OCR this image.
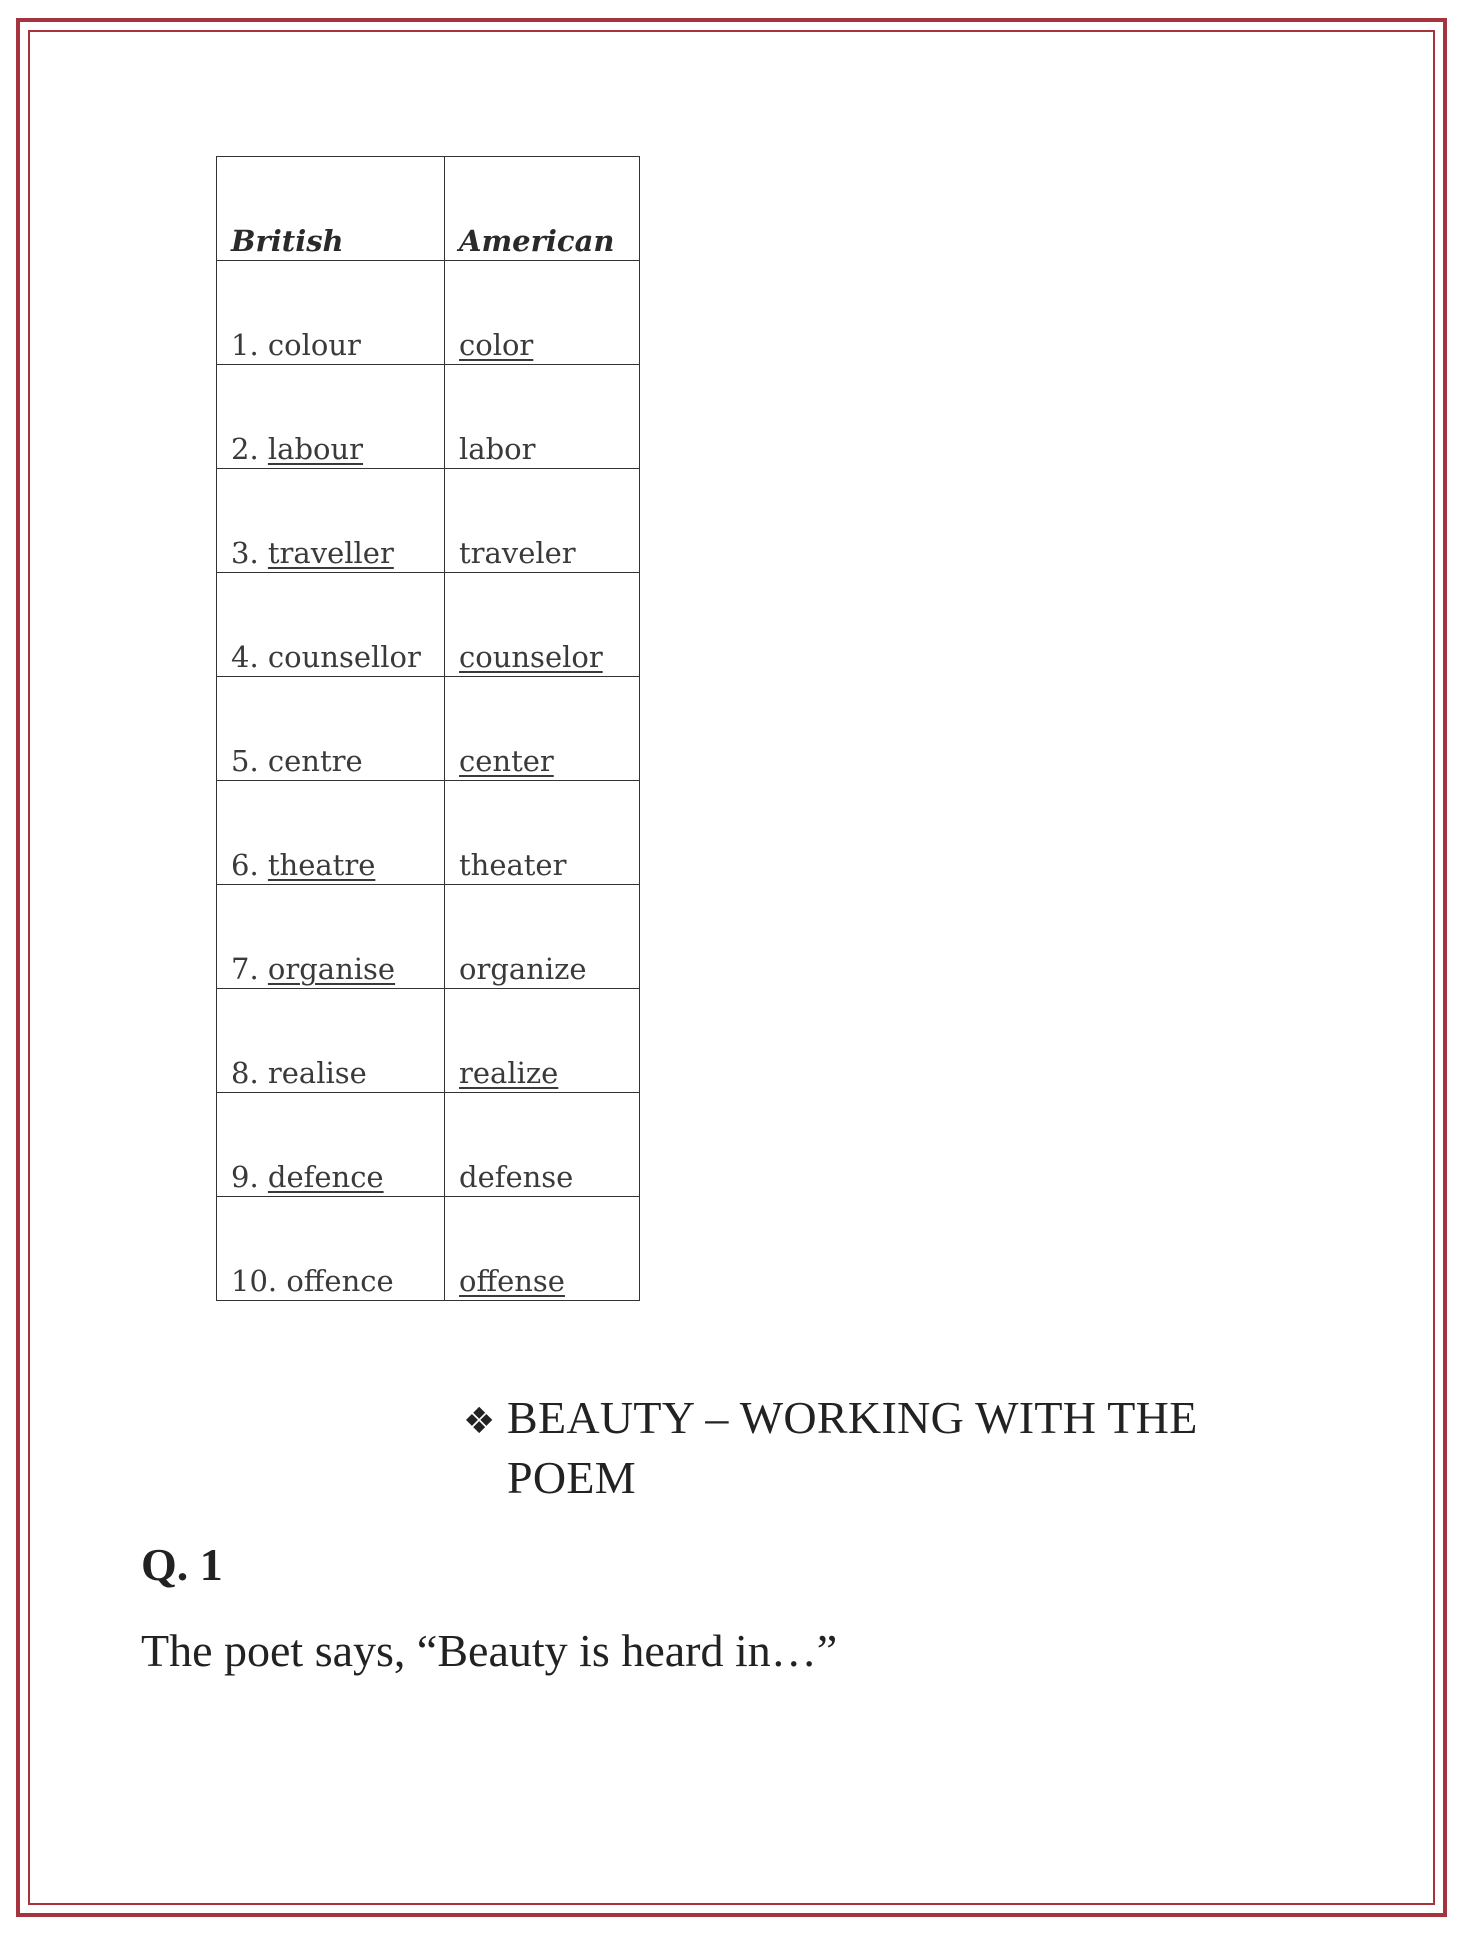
British	American
1. colour	color
2. labour	labor
3. traveller	traveler
4. counsellor	counselor
5. centre	center
6. theatre	theater
7. organise	organize
8. realise	realize
9. defence	defense
10. offence	offense
❖ BEAUTY – WORKING WITH THE
POEM
Q. 1
The poet says, “Beauty is heard in…”
